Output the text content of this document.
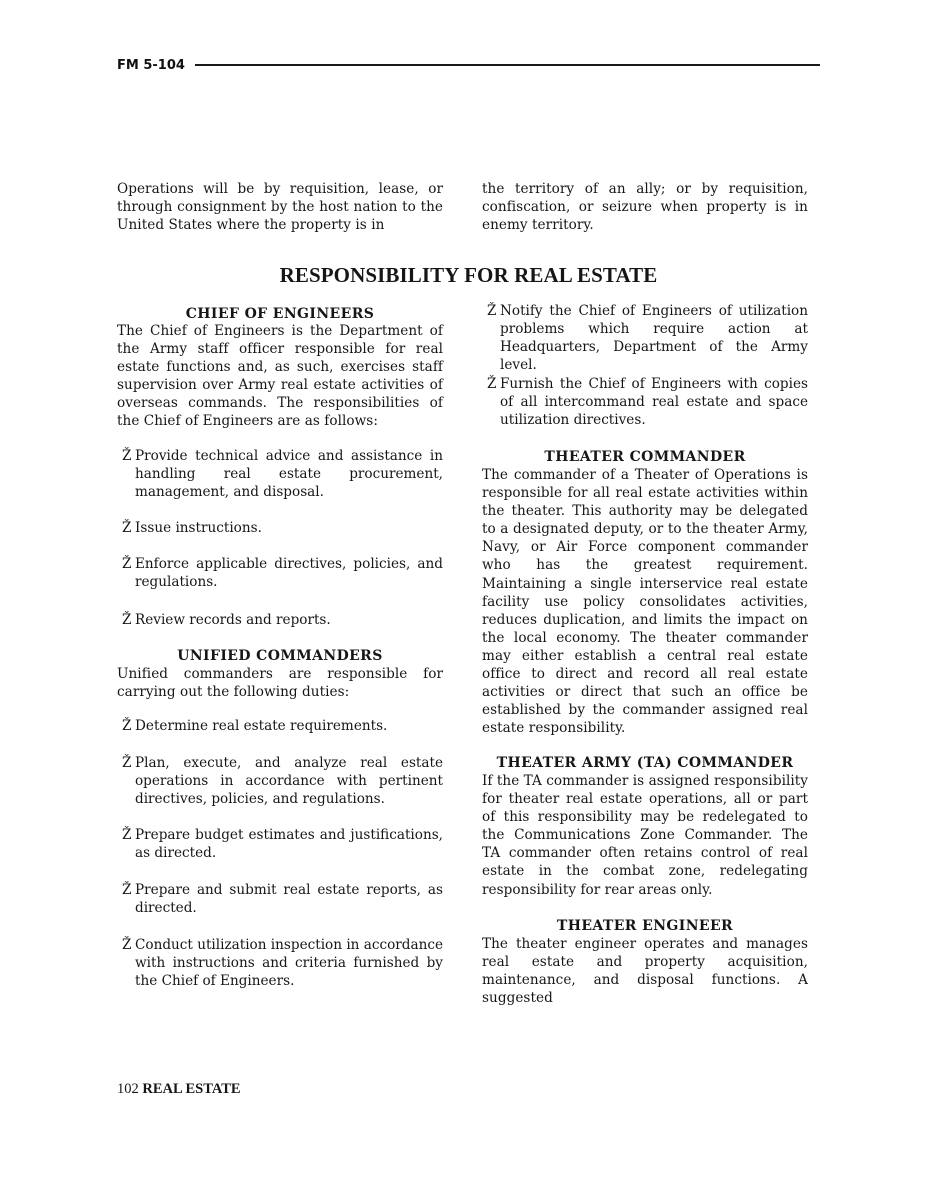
FM 5-104

Operations will be by requisition, lease, or through consignment by the host nation to the United States where the property is in

the territory of an ally; or by requisition, confiscation, or seizure when property is in enemy territory.

RESPONSIBILITY FOR REAL ESTATE
CHIEF OF ENGINEERS

The Chief of Engineers is the Department of the Army staff officer responsible for real estate functions and, as such, exercises staff supervision over Army real estate activities of overseas commands. The responsibilities of the Chief of Engineers are as follows:

Ž Provide technical advice and assistance in handling real estate procurement, management, and disposal.

Ž Issue instructions.

Ž Enforce applicable directives, policies, and regulations.

Ž Review records and reports.

UNIFIED COMMANDERS

Unified commanders are responsible for carrying out the following duties:

Ž Determine real estate requirements.

Ž Plan, execute, and analyze real estate operations in accordance with pertinent directives, policies, and regulations.

Ž Prepare budget estimates and justifications, as directed.

Ž Prepare and submit real estate reports, as directed.

Ž Conduct utilization inspection in accordance with instructions and criteria furnished by the Chief of Engineers.

Ž Notify the Chief of Engineers of utilization problems which require action at Headquarters, Department of the Army level.

Ž Furnish the Chief of Engineers with copies of all intercommand real estate and space utilization directives.

THEATER COMMANDER

The commander of a Theater of Operations is responsible for all real estate activities within the theater. This authority may be delegated to a designated deputy, or to the theater Army, Navy, or Air Force component commander who has the greatest requirement. Maintaining a single interservice real estate facility use policy consolidates activities, reduces duplication, and limits the impact on the local economy. The theater commander may either establish a central real estate office to direct and record all real estate activities or direct that such an office be established by the commander assigned real estate responsibility.

THEATER ARMY (TA) COMMANDER

If the TA commander is assigned responsibility for theater real estate operations, all or part of this responsibility may be redelegated to the Communications Zone Commander. The TA commander often retains control of real estate in the combat zone, redelegating responsibility for rear areas only.

THEATER ENGINEER

The theater engineer operates and manages real estate and property acquisition, maintenance, and disposal functions. A suggested

102 REAL ESTATE
